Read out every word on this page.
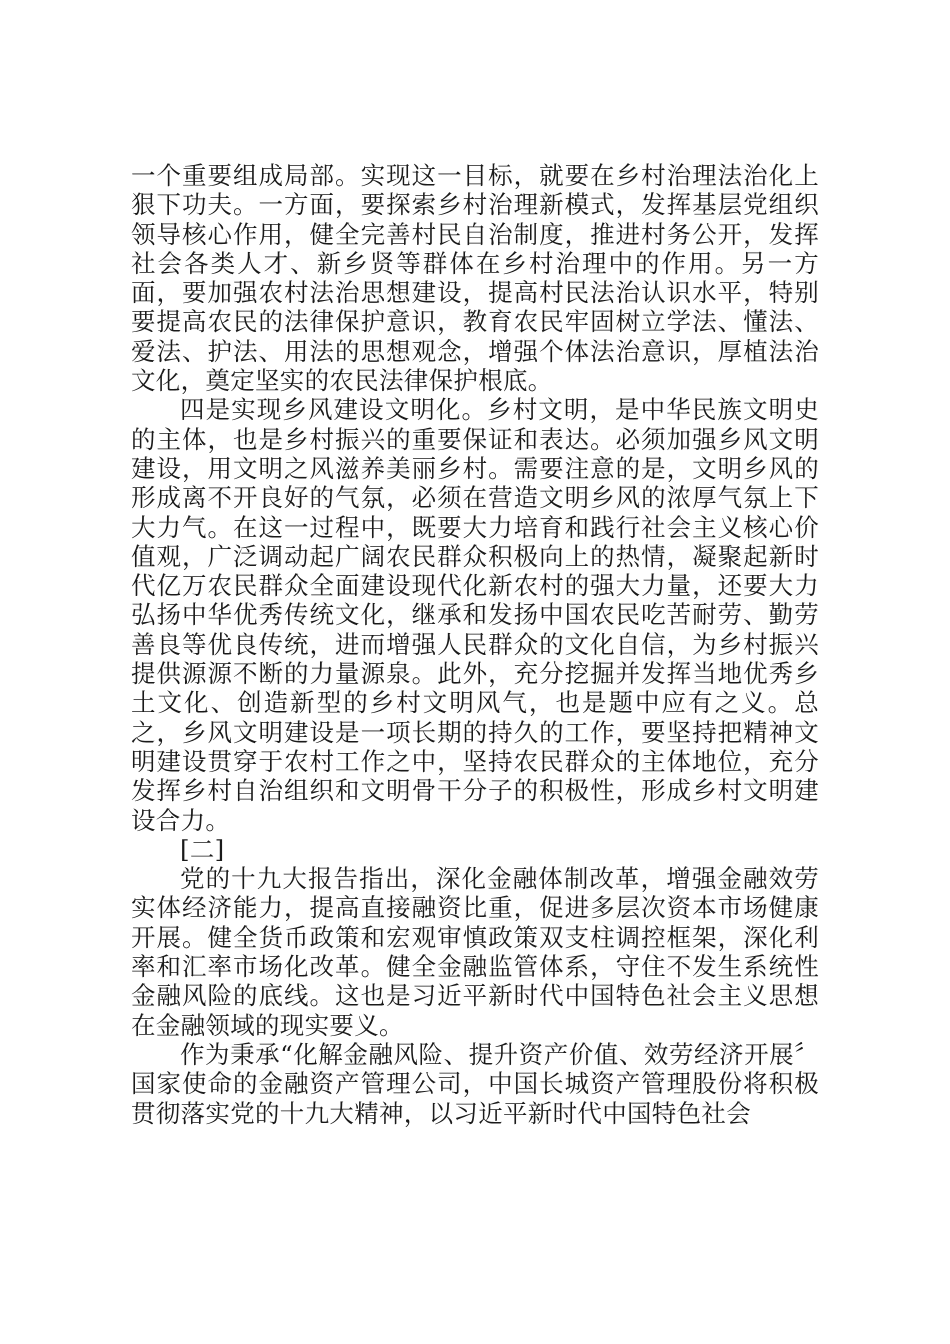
一个重要组成局部。实现这一目标，就要在乡村治理法治化上狠下功夫。一方面，要探索乡村治理新模式，发挥基层党组织领导核心作用，健全完善村民自治制度，推进村务公开，发挥社会各类人才、新乡贤等群体在乡村治理中的作用。另一方面，要加强农村法治思想建设，提高村民法治认识水平，特别要提高农民的法律保护意识，教育农民牢固树立学法、懂法、爱法、护法、用法的思想观念，增强个体法治意识，厚植法治文化，奠定坚实的农民法律保护根底。

四是实现乡风建设文明化。乡村文明，是中华民族文明史的主体，也是乡村振兴的重要保证和表达。必须加强乡风文明建设，用文明之风滋养美丽乡村。需要注意的是，文明乡风的形成离不开良好的气氛，必须在营造文明乡风的浓厚气氛上下大力气。在这一过程中，既要大力培育和践行社会主义核心价值观，广泛调动起广阔农民群众积极向上的热情，凝聚起新时代亿万农民群众全面建设现代化新农村的强大力量，还要大力弘扬中华优秀传统文化，继承和发扬中国农民吃苦耐劳、勤劳善良等优良传统，进而增强人民群众的文化自信，为乡村振兴提供源源不断的力量源泉。此外，充分挖掘并发挥当地优秀乡土文化、创造新型的乡村文明风气，也是题中应有之义。总之，乡风文明建设是一项长期的持久的工作，要坚持把精神文明建设贯穿于农村工作之中，坚持农民群众的主体地位，充分发挥乡村自治组织和文明骨干分子的积极性，形成乡村文明建设合力。

[二]

党的十九大报告指出，深化金融体制改革，增强金融效劳实体经济能力，提高直接融资比重，促进多层次资本市场健康开展。健全货币政策和宏观审慎政策双支柱调控框架，深化利率和汇率市场化改革。健全金融监管体系，守住不发生系统性金融风险的底线。这也是习近平新时代中国特色社会主义思想在金融领域的现实要义。

作为秉承“化解金融风险、提升资产价值、效劳经济开展〞国家使命的金融资产管理公司，中国长城资产管理股份将积极贯彻落实党的十九大精神，以习近平新时代中国特色社会
